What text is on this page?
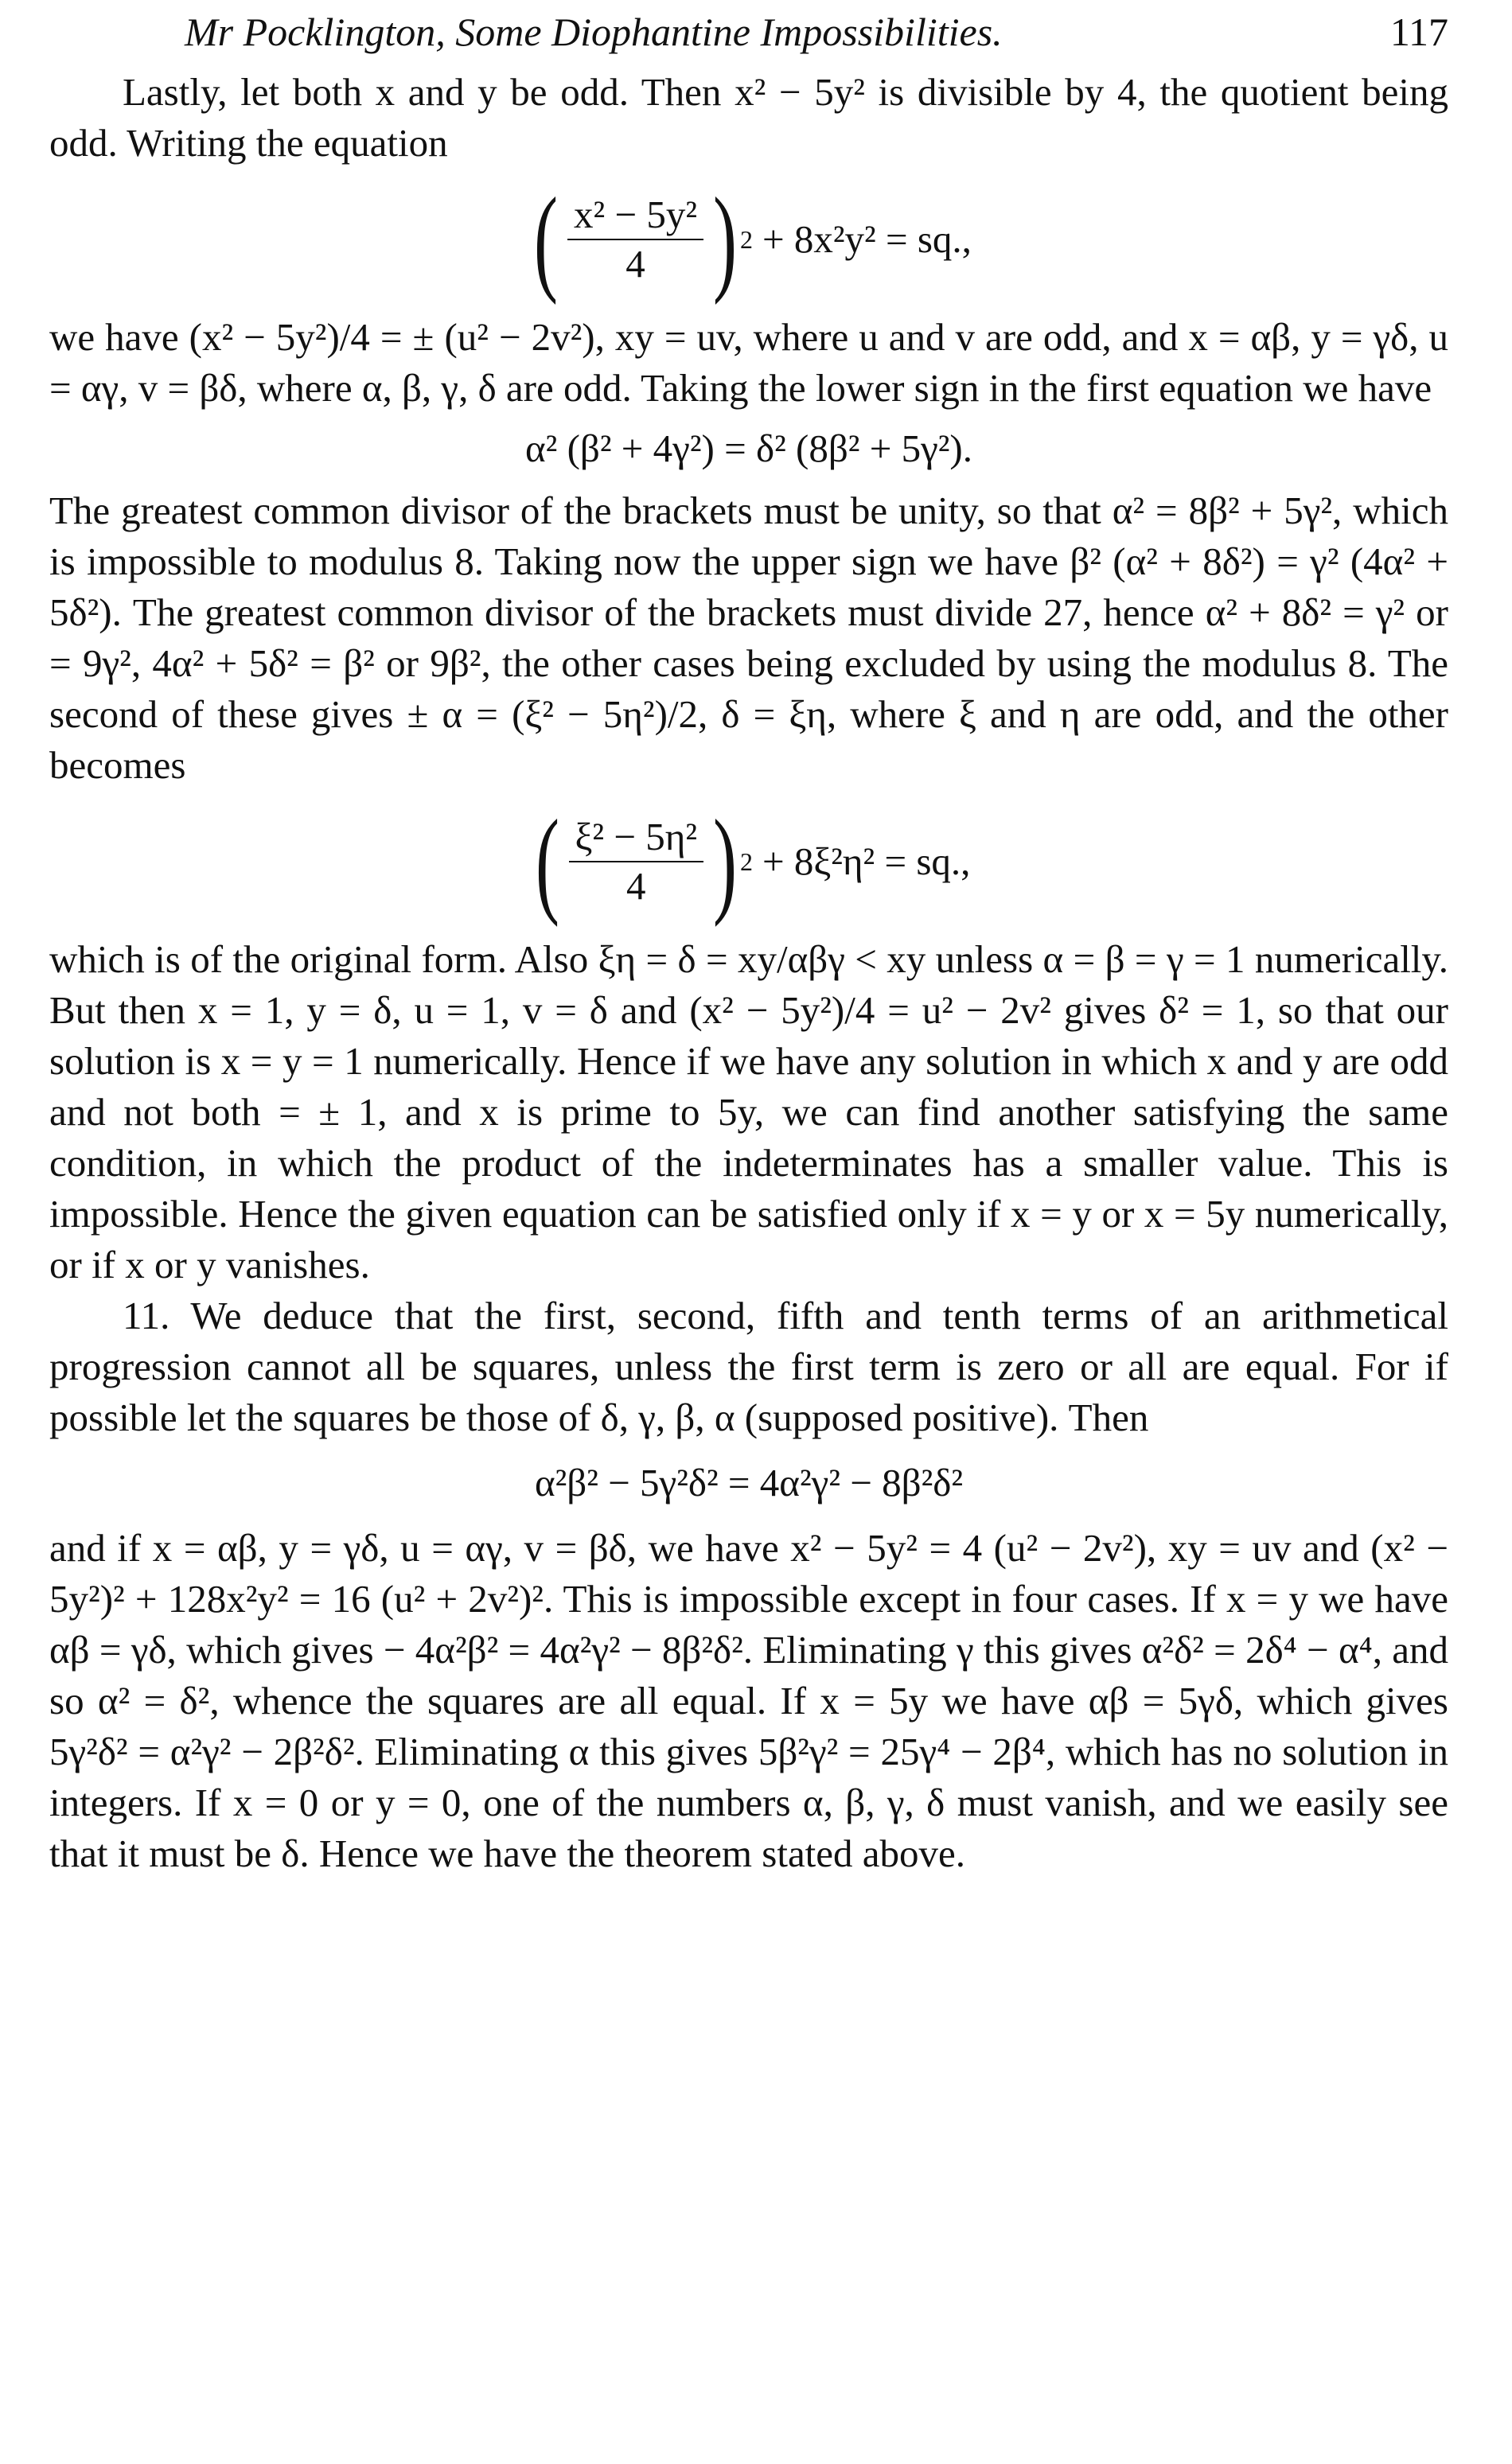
Mr Pocklington, Some Diophantine Impossibilities.	117

Lastly, let both x and y be odd. Then x² − 5y² is divisible by 4, the quotient being odd. Writing the equation

( $\frac{\text{x² − 5y²}}{4}$ ) 2 + 8x²y² = sq.,

we have (x² − 5y²)/4 = ± (u² − 2v²), xy = uv, where u and v are odd, and x = αβ, y = γδ, u = αγ, v = βδ, where α, β, γ, δ are odd. Taking the lower sign in the first equation we have

α² (β² + 4γ²) = δ² (8β² + 5γ²).

The greatest common divisor of the brackets must be unity, so that α² = 8β² + 5γ², which is impossible to modulus 8. Taking now the upper sign we have β² (α² + 8δ²) = γ² (4α² + 5δ²). The greatest common divisor of the brackets must divide 27, hence α² + 8δ² = γ² or = 9γ², 4α² + 5δ² = β² or 9β², the other cases being excluded by using the modulus 8. The second of these gives ± α = (ξ² − 5η²)/2, δ = ξη, where ξ and η are odd, and the other becomes

( $\frac{\text{ξ² − 5η²}}{4}$ ) 2 + 8ξ²η² = sq.,

which is of the original form. Also ξη = δ = xy/αβγ < xy unless α = β = γ = 1 numerically. But then x = 1, y = δ, u = 1, v = δ and (x² − 5y²)/4 = u² − 2v² gives δ² = 1, so that our solution is x = y = 1 numerically. Hence if we have any solution in which x and y are odd and not both = ± 1, and x is prime to 5y, we can find another satisfying the same condition, in which the product of the indeterminates has a smaller value. This is impossible. Hence the given equation can be satisfied only if x = y or x = 5y numerically, or if x or y vanishes.

11. We deduce that the first, second, fifth and tenth terms of an arithmetical progression cannot all be squares, unless the first term is zero or all are equal. For if possible let the squares be those of δ, γ, β, α (supposed positive). Then

α²β² − 5γ²δ² = 4α²γ² − 8β²δ²

and if x = αβ, y = γδ, u = αγ, v = βδ, we have x² − 5y² = 4 (u² − 2v²), xy = uv and (x² − 5y²)² + 128x²y² = 16 (u² + 2v²)². This is impossible except in four cases. If x = y we have αβ = γδ, which gives − 4α²β² = 4α²γ² − 8β²δ². Eliminating γ this gives α²δ² = 2δ⁴ − α⁴, and so α² = δ², whence the squares are all equal. If x = 5y we have αβ = 5γδ, which gives 5γ²δ² = α²γ² − 2β²δ². Eliminating α this gives 5β²γ² = 25γ⁴ − 2β⁴, which has no solution in integers. If x = 0 or y = 0, one of the numbers α, β, γ, δ must vanish, and we easily see that it must be δ. Hence we have the theorem stated above.
